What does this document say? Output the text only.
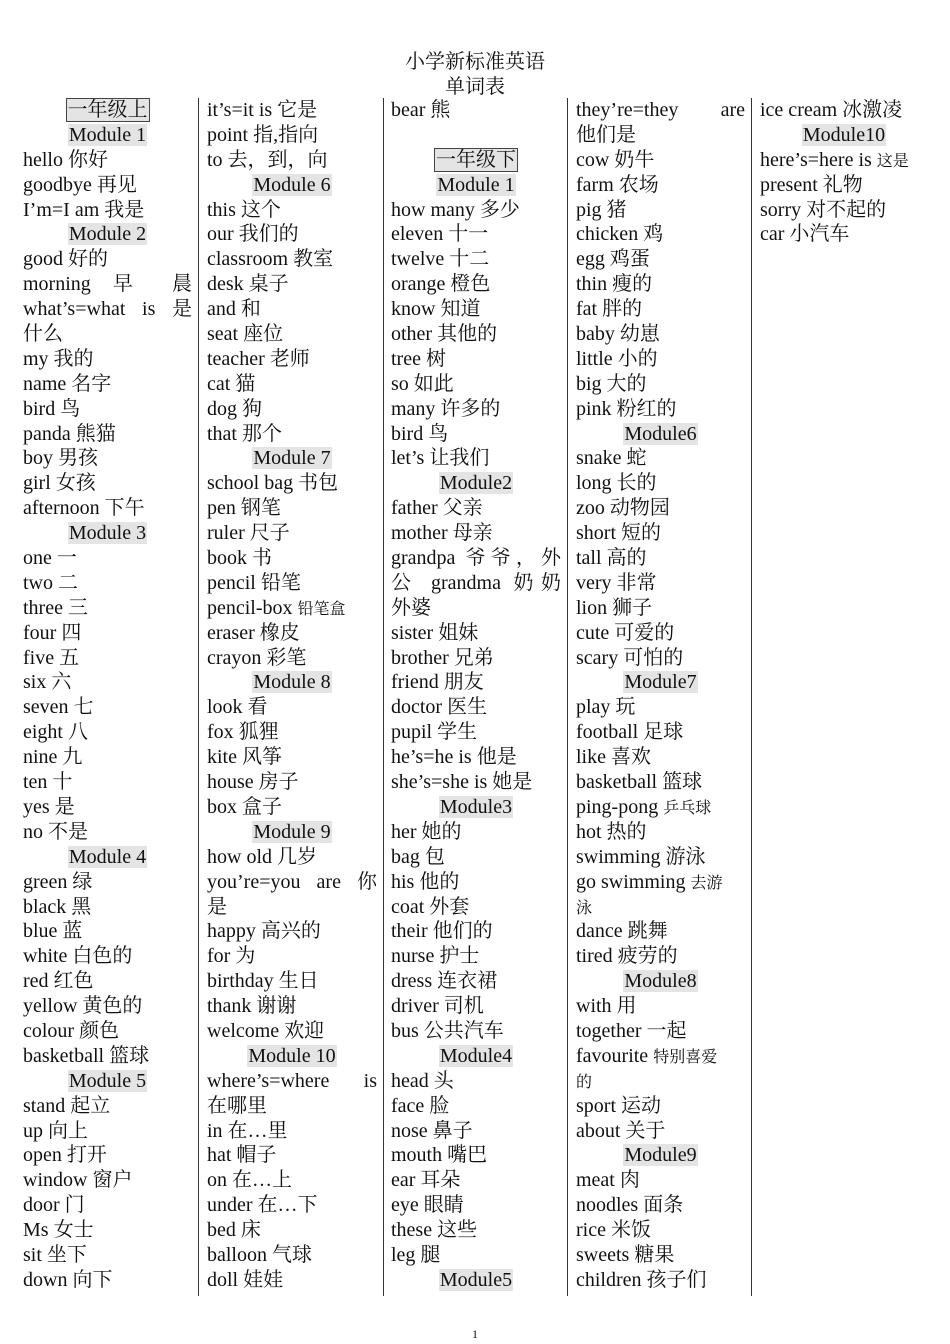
小学新标准英语
单词表
一年级上
Module 1
hello 你好
goodbye 再见
I’m=I am 我是
Module 2
good 好的
morning 早 晨
what’s=what is 是
什么
my 我的
name 名字
bird 鸟
panda 熊猫
boy 男孩
girl 女孩
afternoon 下午
Module 3
one 一
two 二
three 三
four 四
five 五
six 六
seven 七
eight 八
nine 九
ten 十
yes 是
no 不是
Module 4
green 绿
black 黑
blue 蓝
white 白色的
red 红色
yellow 黄色的
colour 颜色
basketball 篮球
Module 5
stand 起立
up 向上
open 打开
window 窗户
door 门
Ms 女士
sit 坐下
down 向下
it’s=it is 它是
point 指,指向
to 去，到，向
Module 6
this 这个
our 我们的
classroom 教室
desk 桌子
and 和
seat 座位
teacher 老师
cat 猫
dog 狗
that 那个
Module 7
school bag 书包
pen 钢笔
ruler 尺子
book 书
pencil 铅笔
pencil-box 铅笔盒
eraser 橡皮
crayon 彩笔
Module 8
look 看
fox 狐狸
kite 风筝
house 房子
box 盒子
Module 9
how old 几岁
you’re=you are 你
是
happy 高兴的
for 为
birthday 生日
thank 谢谢
welcome 欢迎
Module 10
where’s=where is
在哪里
in 在…里
hat 帽子
on 在…上
under 在…下
bed 床
balloon 气球
doll 娃娃
bear 熊
一年级下
Module 1
how many 多少
eleven 十一
twelve 十二
orange 橙色
know 知道
other 其他的
tree 树
so 如此
many 许多的
bird 鸟
let’s 让我们
Module2
father 父亲
mother 母亲
grandpa 爷爷，外
公 grandma 奶奶
外婆
sister 姐妹
brother 兄弟
friend 朋友
doctor 医生
pupil 学生
he’s=he is 他是
she’s=she is 她是
Module3
her 她的
bag 包
his 他的
coat 外套
their 他们的
nurse 护士
dress 连衣裙
driver 司机
bus 公共汽车
Module4
head 头
face 脸
nose 鼻子
mouth 嘴巴
ear 耳朵
eye 眼睛
these 这些
leg 腿
Module5
they’re=they are
他们是
cow 奶牛
farm 农场
pig 猪
chicken 鸡
egg 鸡蛋
thin 瘦的
fat 胖的
baby 幼崽
little 小的
big 大的
pink 粉红的
Module6
snake 蛇
long 长的
zoo 动物园
short 短的
tall 高的
very 非常
lion 狮子
cute 可爱的
scary 可怕的
Module7
play 玩
football 足球
like 喜欢
basketball 篮球
ping-pong 乒乓球
hot 热的
swimming 游泳
go swimming 去游
泳
dance 跳舞
tired 疲劳的
Module8
with 用
together 一起
favourite 特别喜爱
的
sport 运动
about 关于
Module9
meat 肉
noodles 面条
rice 米饭
sweets 糖果
children 孩子们
ice cream 冰激凌
Module10
here’s=here is 这是
present 礼物
sorry 对不起的
car 小汽车
1
